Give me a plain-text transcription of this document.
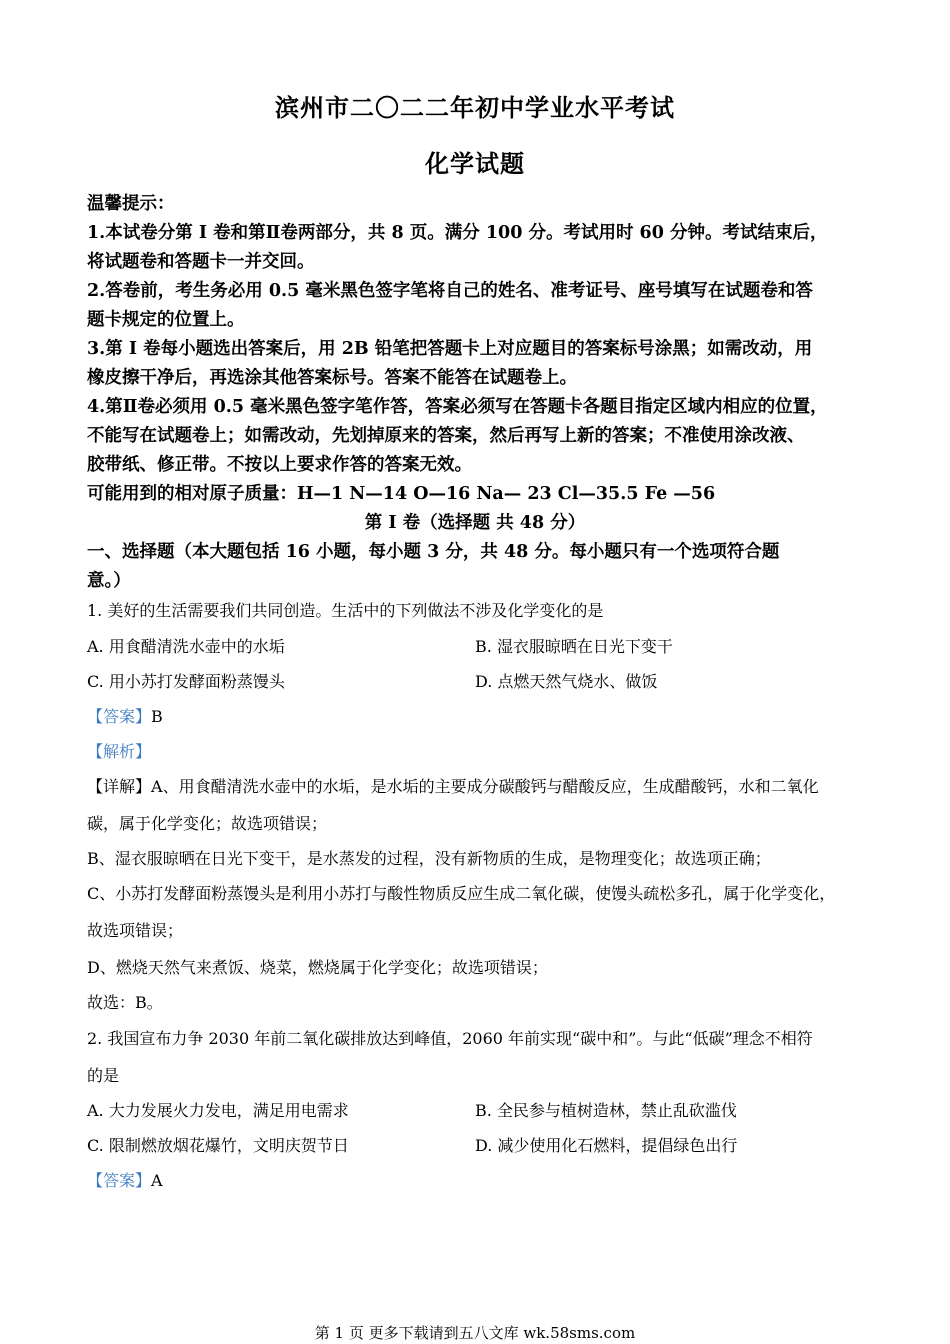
滨州市二〇二二年初中学业水平考试
化学试题
温馨提示：
1.本试卷分第 I 卷和第Ⅱ卷两部分，共 8 页。满分 100 分。考试用时 60 分钟。考试结束后，
将试题卷和答题卡一并交回。
2.答卷前，考生务必用 0.5 毫米黑色签字笔将自己的姓名、准考证号、座号填写在试题卷和答
题卡规定的位置上。
3.第 I 卷每小题选出答案后，用 2B 铅笔把答题卡上对应题目的答案标号涂黑；如需改动，用
橡皮擦干净后，再选涂其他答案标号。答案不能答在试题卷上。
4.第Ⅱ卷必须用 0.5 毫米黑色签字笔作答，答案必须写在答题卡各题目指定区域内相应的位置，
不能写在试题卷上；如需改动，先划掉原来的答案，然后再写上新的答案；不准使用涂改液、
胶带纸、修正带。不按以上要求作答的答案无效。
可能用到的相对原子质量：H—1 N—14 O—16 Na— 23 Cl—35.5 Fe —56
第 I 卷（选择题 共 48 分）
一、选择题（本大题包括 16 小题，每小题 3 分，共 48 分。每小题只有一个选项符合题
意。）
1. 美好的生活需要我们共同创造。生活中的下列做法不涉及化学变化的是
A. 用食醋清洗水壶中的水垢	B. 湿衣服晾晒在日光下变干
C. 用小苏打发酵面粉蒸馒头	D. 点燃天然气烧水、做饭
【答案】B
【解析】
【详解】A、用食醋清洗水壶中的水垢，是水垢的主要成分碳酸钙与醋酸反应，生成醋酸钙，水和二氧化
碳，属于化学变化；故选项错误；
B、湿衣服晾晒在日光下变干，是水蒸发的过程，没有新物质的生成，是物理变化；故选项正确；
C、小苏打发酵面粉蒸馒头是利用小苏打与酸性物质反应生成二氧化碳，使馒头疏松多孔，属于化学变化，
故选项错误；
D、燃烧天然气来煮饭、烧菜，燃烧属于化学变化；故选项错误；
故选：B。
2. 我国宣布力争 2030 年前二氧化碳排放达到峰值，2060 年前实现“碳中和”。与此“低碳”理念不相符
的是
A. 大力发展火力发电，满足用电需求	B. 全民参与植树造林，禁止乱砍滥伐
C. 限制燃放烟花爆竹，文明庆贺节日	D. 减少使用化石燃料，提倡绿色出行
【答案】A
第 1 页 更多下载请到五八文库 wk.58sms.com
